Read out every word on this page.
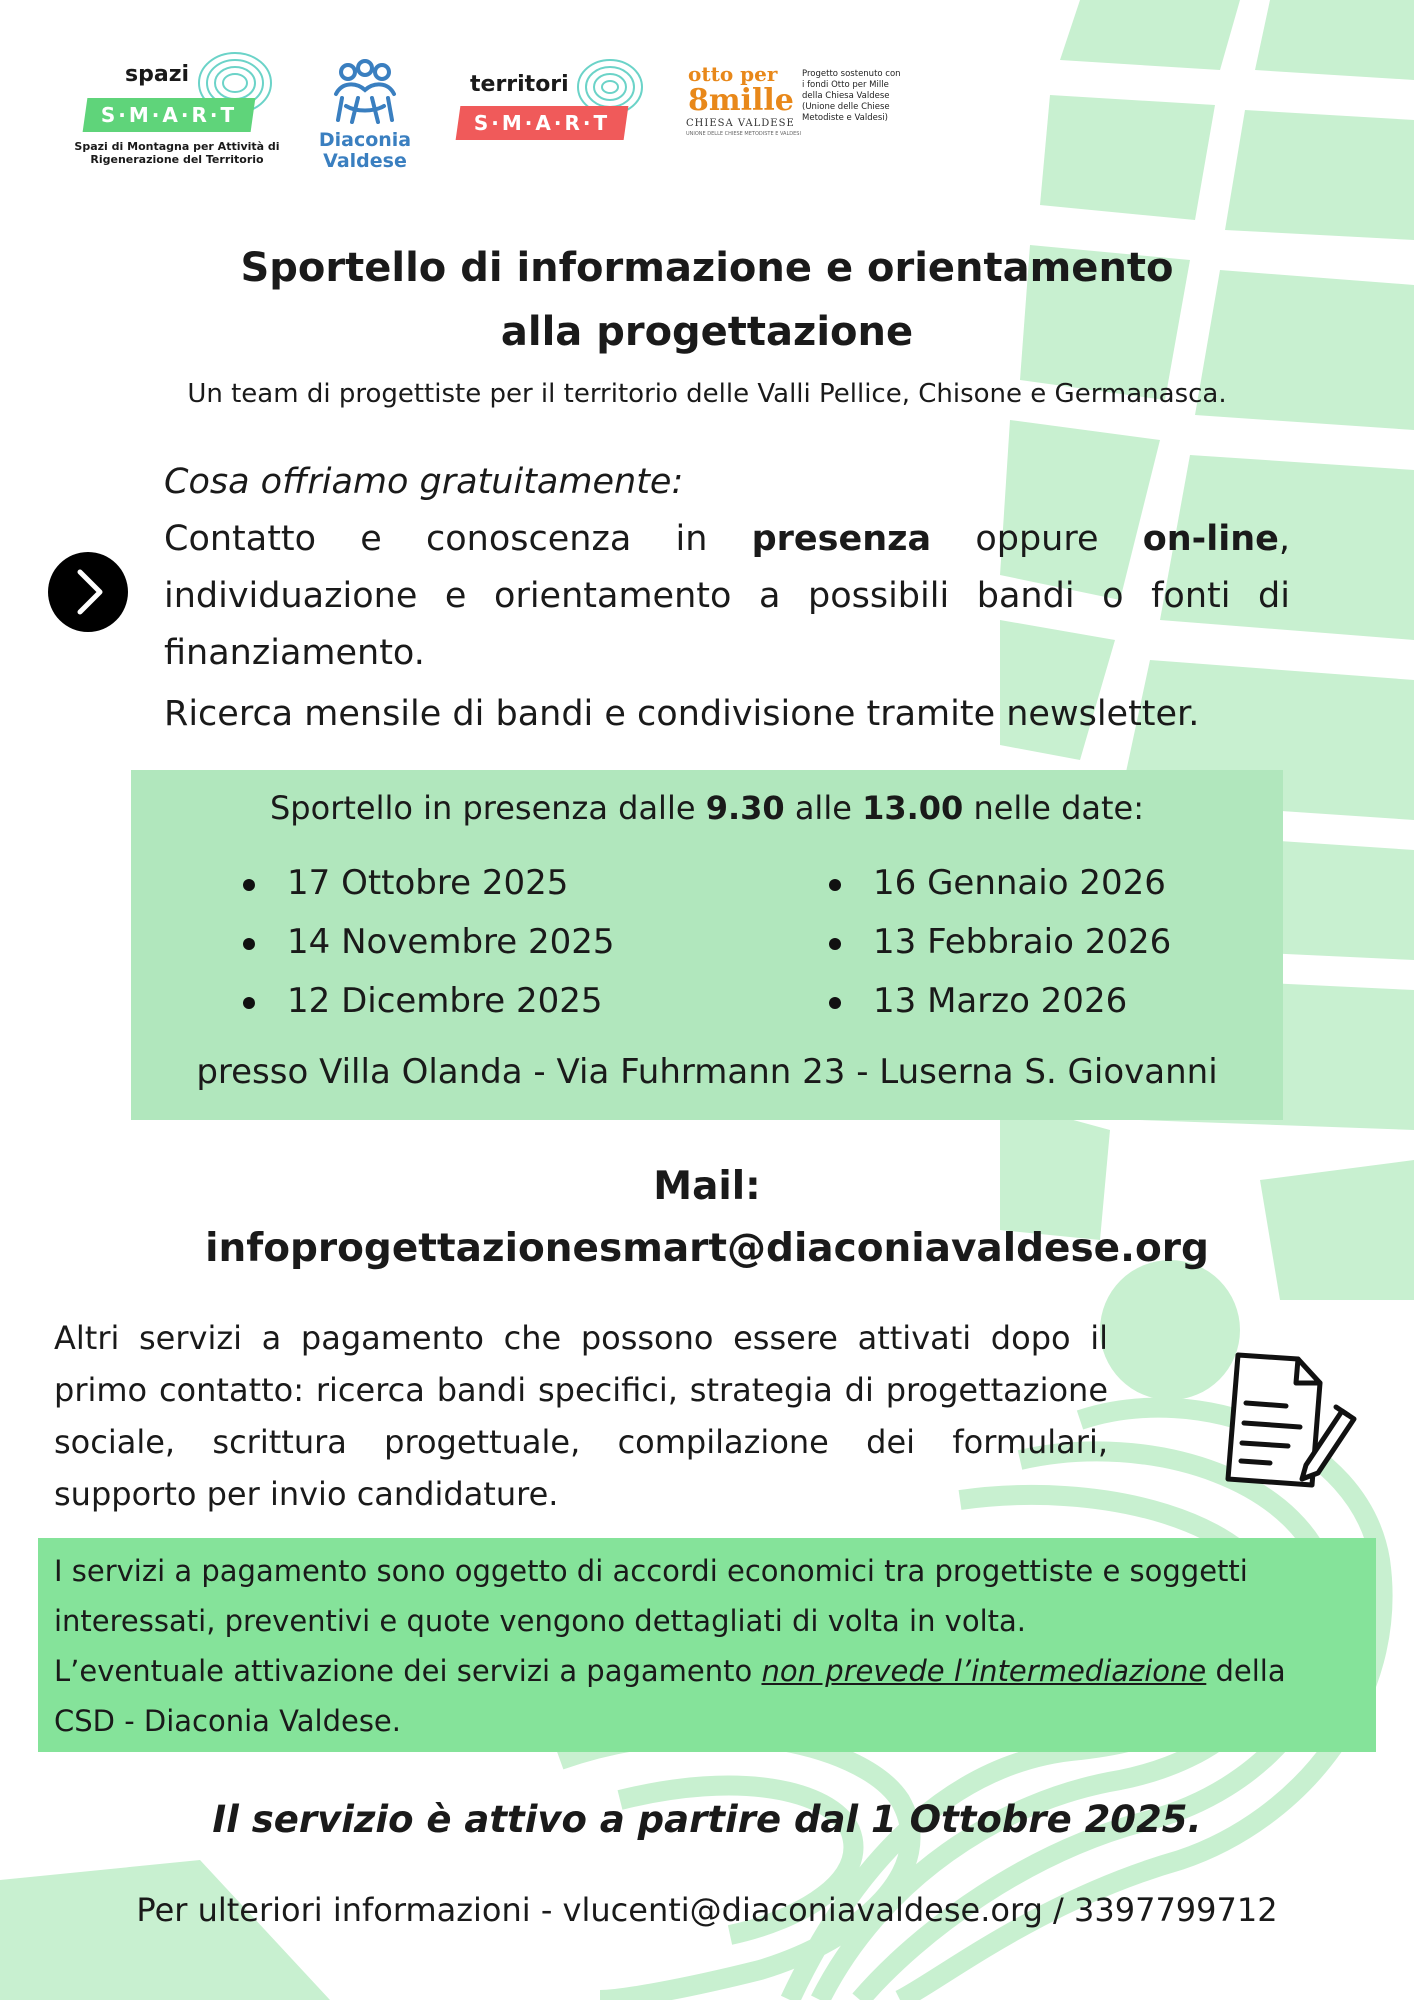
spazi
S·M·A·R·T
Spazi di Montagna per Attività di Rigenerazione del Territorio
Diaconia Valdese
territori
S·M·A·R·T
otto per
8mille
CHIESA VALDESE
UNIONE DELLE CHIESE METODISTE E VALDESI
Progetto sostenuto con i fondi Otto per Mille della Chiesa Valdese (Unione delle Chiese Metodiste e Valdesi)
Sportello di informazione e orientamento
alla progettazione
Un team di progettiste per il territorio delle Valli Pellice, Chisone e Germanasca.
Cosa offriamo gratuitamente:
Contatto e conoscenza in presenza oppure on-line, individuazione e orientamento a possibili bandi o fonti di finanziamento.
Ricerca mensile di bandi e condivisione tramite newsletter.
Sportello in presenza dalle 9.30 alle 13.00 nelle date:
17 Ottobre 2025
14 Novembre 2025
12 Dicembre 2025
16 Gennaio 2026
13 Febbraio 2026
13 Marzo 2026
presso Villa Olanda - Via Fuhrmann 23 - Luserna S. Giovanni
Mail:
infoprogettazionesmart@diaconiavaldese.org
Altri servizi a pagamento che possono essere attivati dopo il primo contatto: ricerca bandi specifici, strategia di progettazione sociale, scrittura progettuale, compilazione dei formulari, supporto per invio candidature.

I servizi a pagamento sono oggetto di accordi economici tra progettiste e soggetti interessati, preventivi e quote vengono dettagliati di volta in volta.
L’eventuale attivazione dei servizi a pagamento non prevede l’intermediazione della CSD - Diaconia Valdese.

Il servizio è attivo a partire dal 1 Ottobre 2025.
Per ulteriori informazioni - vlucenti@diaconiavaldese.org / 3397799712
